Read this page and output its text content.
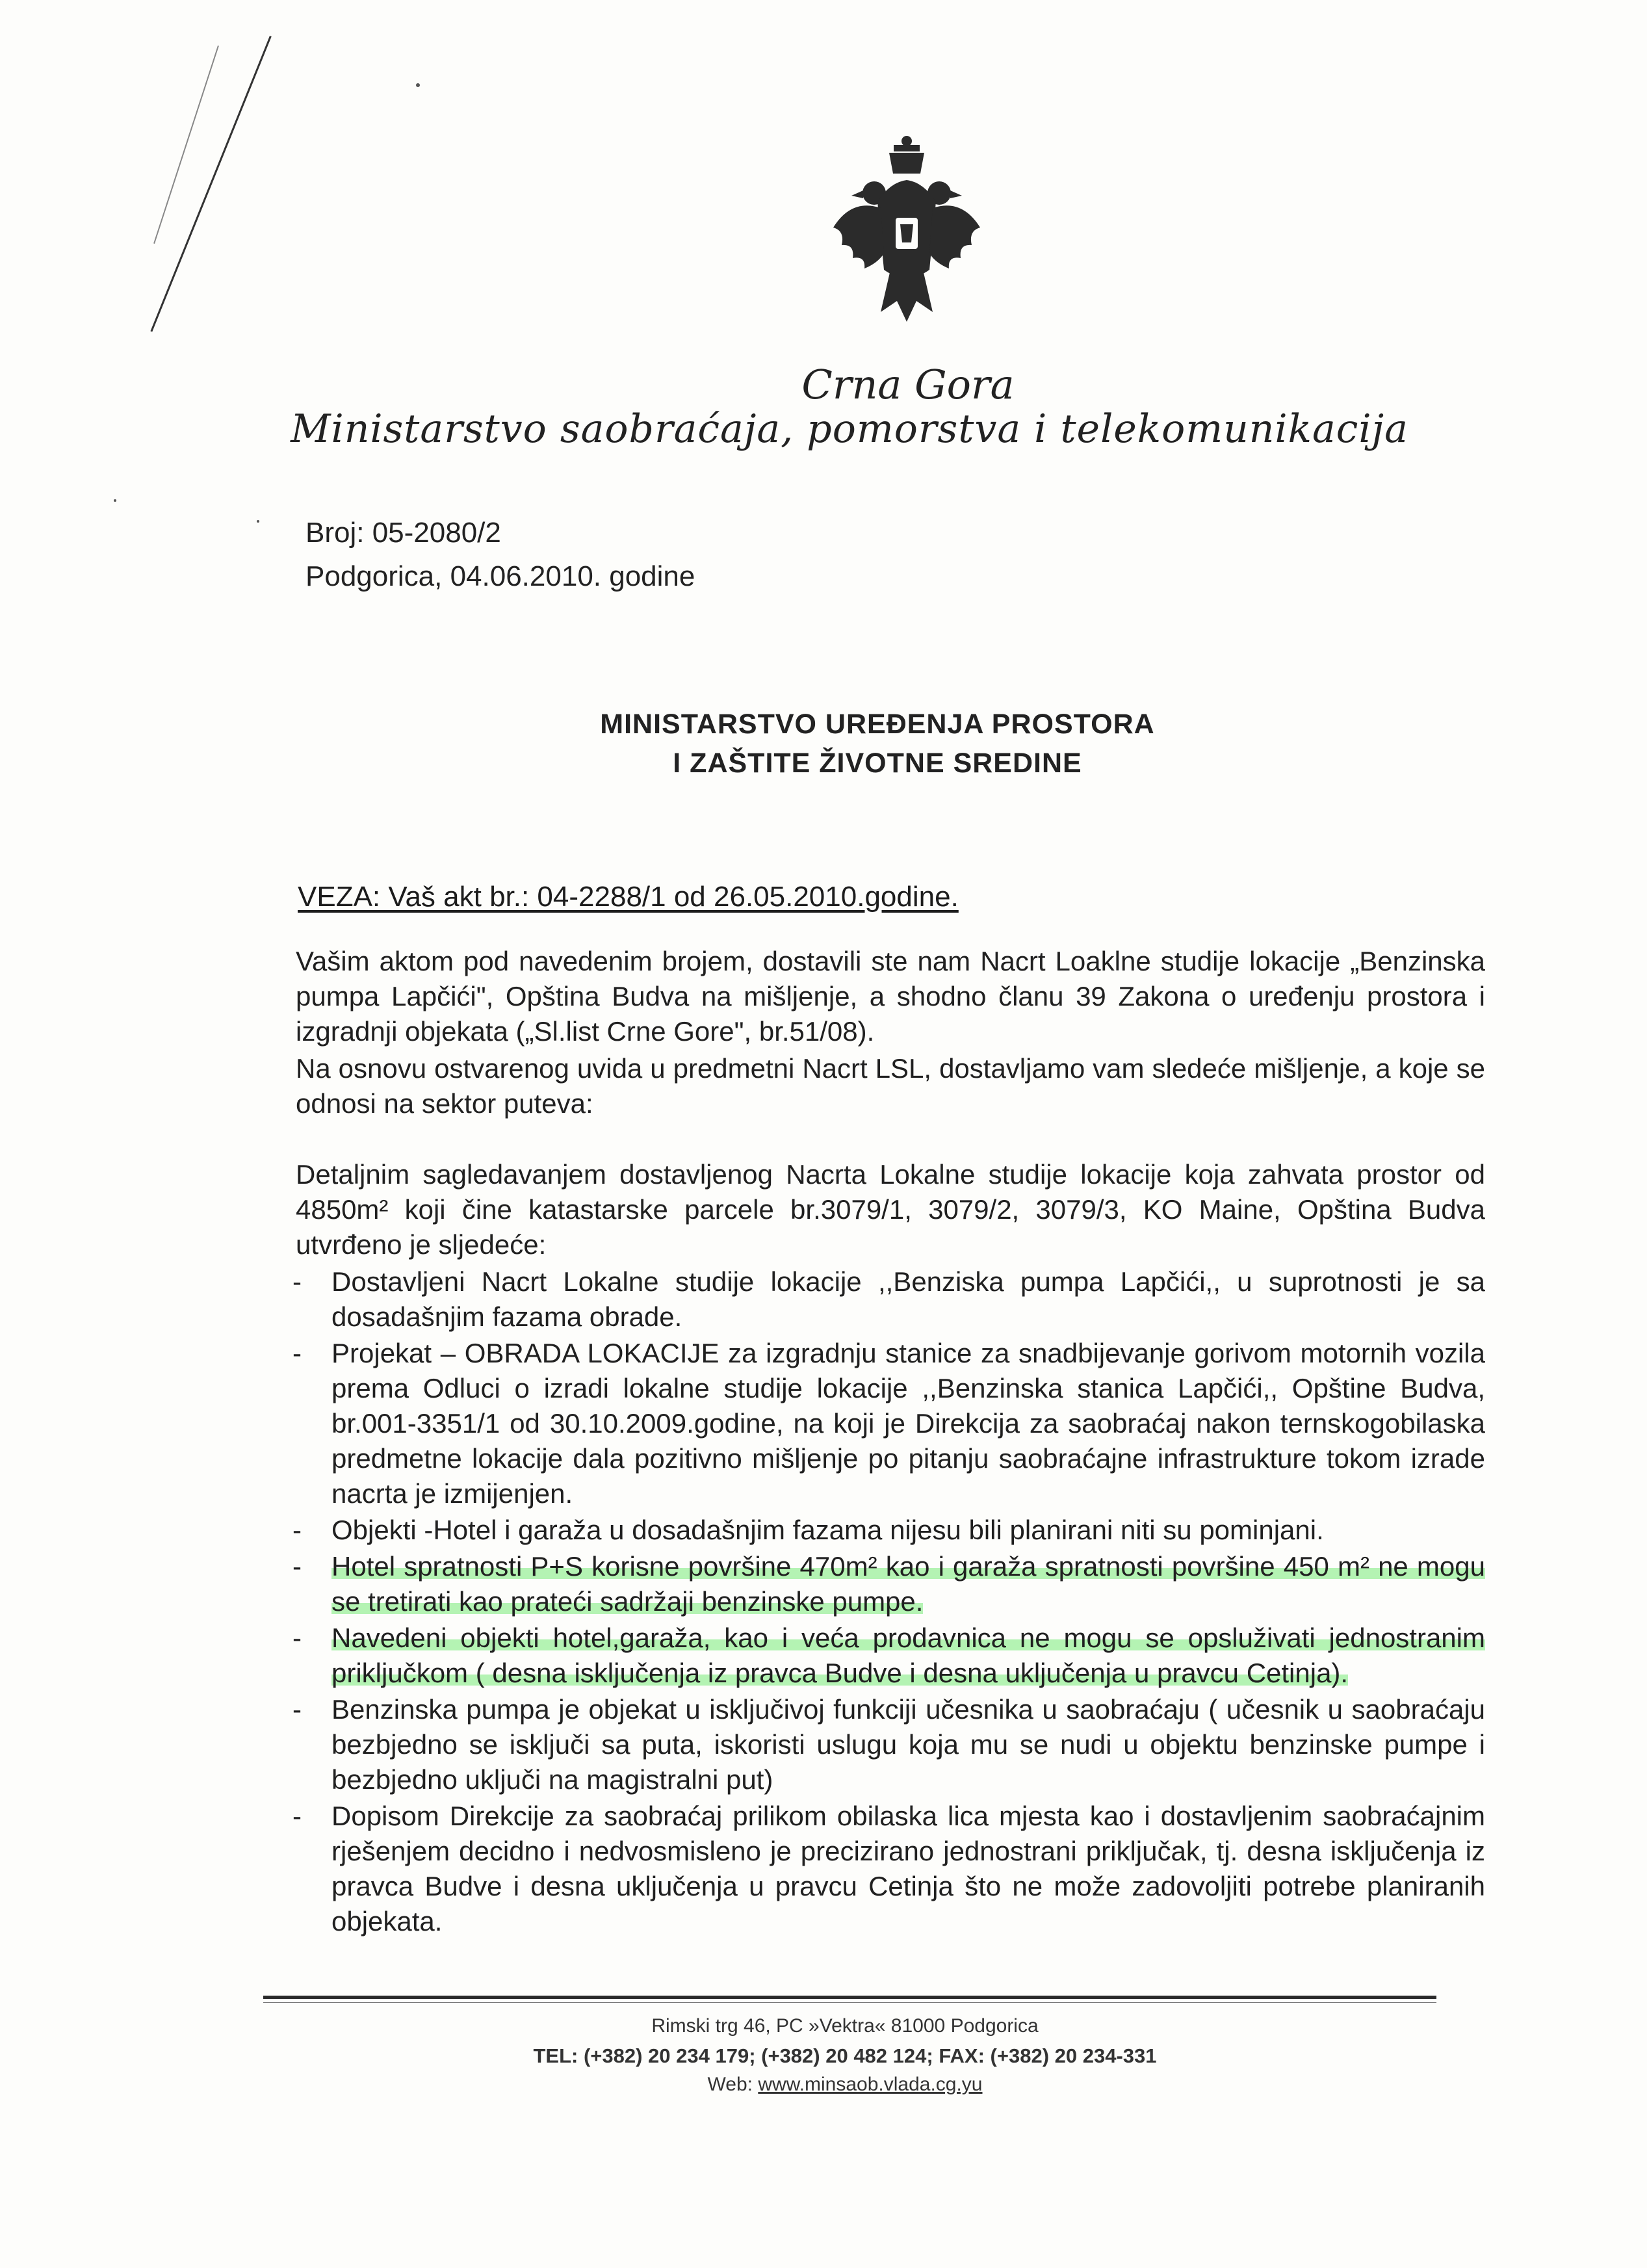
Crna Gora
Ministarstvo saobraćaja, pomorstva i telekomunikacija
Broj: 05-2080/2
Podgorica, 04.06.2010. godine
MINISTARSTVO UREĐENJA PROSTORA
I ZAŠTITE ŽIVOTNE SREDINE
VEZA: Vaš akt br.: 04-2288/1 od 26.05.2010.godine.
Vašim aktom pod navedenim brojem, dostavili ste nam Nacrt Loaklne studije lokacije „Benzinska pumpa Lapčići", Opština Budva na mišljenje, a shodno članu 39 Zakona o uređenju prostora i izgradnji objekata („Sl.list Crne Gore", br.51/08).
Na osnovu ostvarenog uvida u predmetni Nacrt LSL, dostavljamo vam sledeće mišljenje, a koje se odnosi na sektor puteva:
Detaljnim sagledavanjem dostavljenog Nacrta Lokalne studije lokacije koja zahvata prostor od 4850m² koji čine katastarske parcele br.3079/1, 3079/2, 3079/3, KO Maine, Opština Budva utvrđeno je sljedeće:
- Dostavljeni Nacrt Lokalne studije lokacije ,,Benziska pumpa Lapčići,, u suprotnosti je sa dosadašnjim fazama obrade.
- Projekat – OBRADA LOKACIJE za izgradnju stanice za snadbijevanje gorivom motornih vozila prema Odluci o izradi lokalne studije lokacije ,,Benzinska stanica Lapčići,, Opštine Budva, br.001-3351/1 od 30.10.2009.godine, na koji je Direkcija za saobraćaj nakon ternskogobilaska predmetne lokacije dala pozitivno mišljenje po pitanju saobraćajne infrastrukture tokom izrade nacrta je izmijenjen.
- Objekti -Hotel i garaža u dosadašnjim fazama nijesu bili planirani niti su pominjani.
- Hotel spratnosti P+S korisne površine 470m² kao i garaža spratnosti površine 450 m² ne mogu se tretirati kao prateći sadržaji benzinske pumpe.
- Navedeni objekti hotel,garaža, kao i veća prodavnica ne mogu se opsluživati jednostranim priključkom ( desna isključenja iz pravca Budve i desna uključenja u pravcu Cetinja).
- Benzinska pumpa je objekat u isključivoj funkciji učesnika u saobraćaju ( učesnik u saobraćaju bezbjedno se isključi sa puta, iskoristi uslugu koja mu se nudi u objektu benzinske pumpe i bezbjedno uključi na magistralni put)
- Dopisom Direkcije za saobraćaj prilikom obilaska lica mjesta kao i dostavljenim saobraćajnim rješenjem decidno i nedvosmisleno je precizirano jednostrani priključak, tj. desna isključenja iz pravca Budve i desna uključenja u pravcu Cetinja što ne može zadovoljiti potrebe planiranih objekata.
Rimski trg 46, PC »Vektra« 81000 Podgorica
TEL: (+382) 20 234 179; (+382) 20 482 124; FAX: (+382) 20 234-331
Web: www.minsaob.vlada.cg.yu
